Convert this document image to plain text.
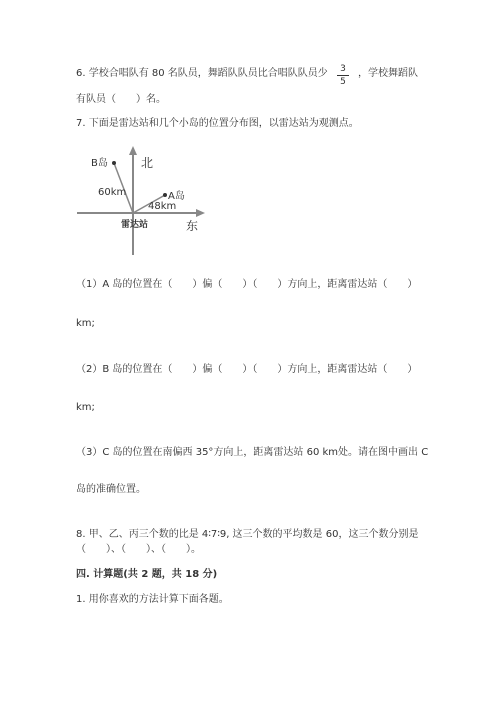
6. 学校合唱队有 80 名队员，舞蹈队队员比合唱队队员少	3
5
，学校舞蹈队
有队员（　　）名。
7. 下面是雷达站和几个小岛的位置分布图，以雷达站为观测点。
北
东
B岛
A岛
60km
48km
雷达站
（1）A 岛的位置在（　　）偏（　　）（　　）方向上，距离雷达站（　　）
km;
（2）B 岛的位置在（　　）偏（　　）（　　）方向上，距离雷达站（　　）
km;
（3）C 岛的位置在南偏西 35°方向上，距离雷达站 60 km处。请在图中画出 C
岛的准确位置。
8. 甲、乙、丙三个数的比是 4∶7∶9, 这三个数的平均数是 60，这三个数分别是
（　　）、（　　）、（　　）。
四. 计算题(共 2 题，共 18 分)
1. 用你喜欢的方法计算下面各题。
